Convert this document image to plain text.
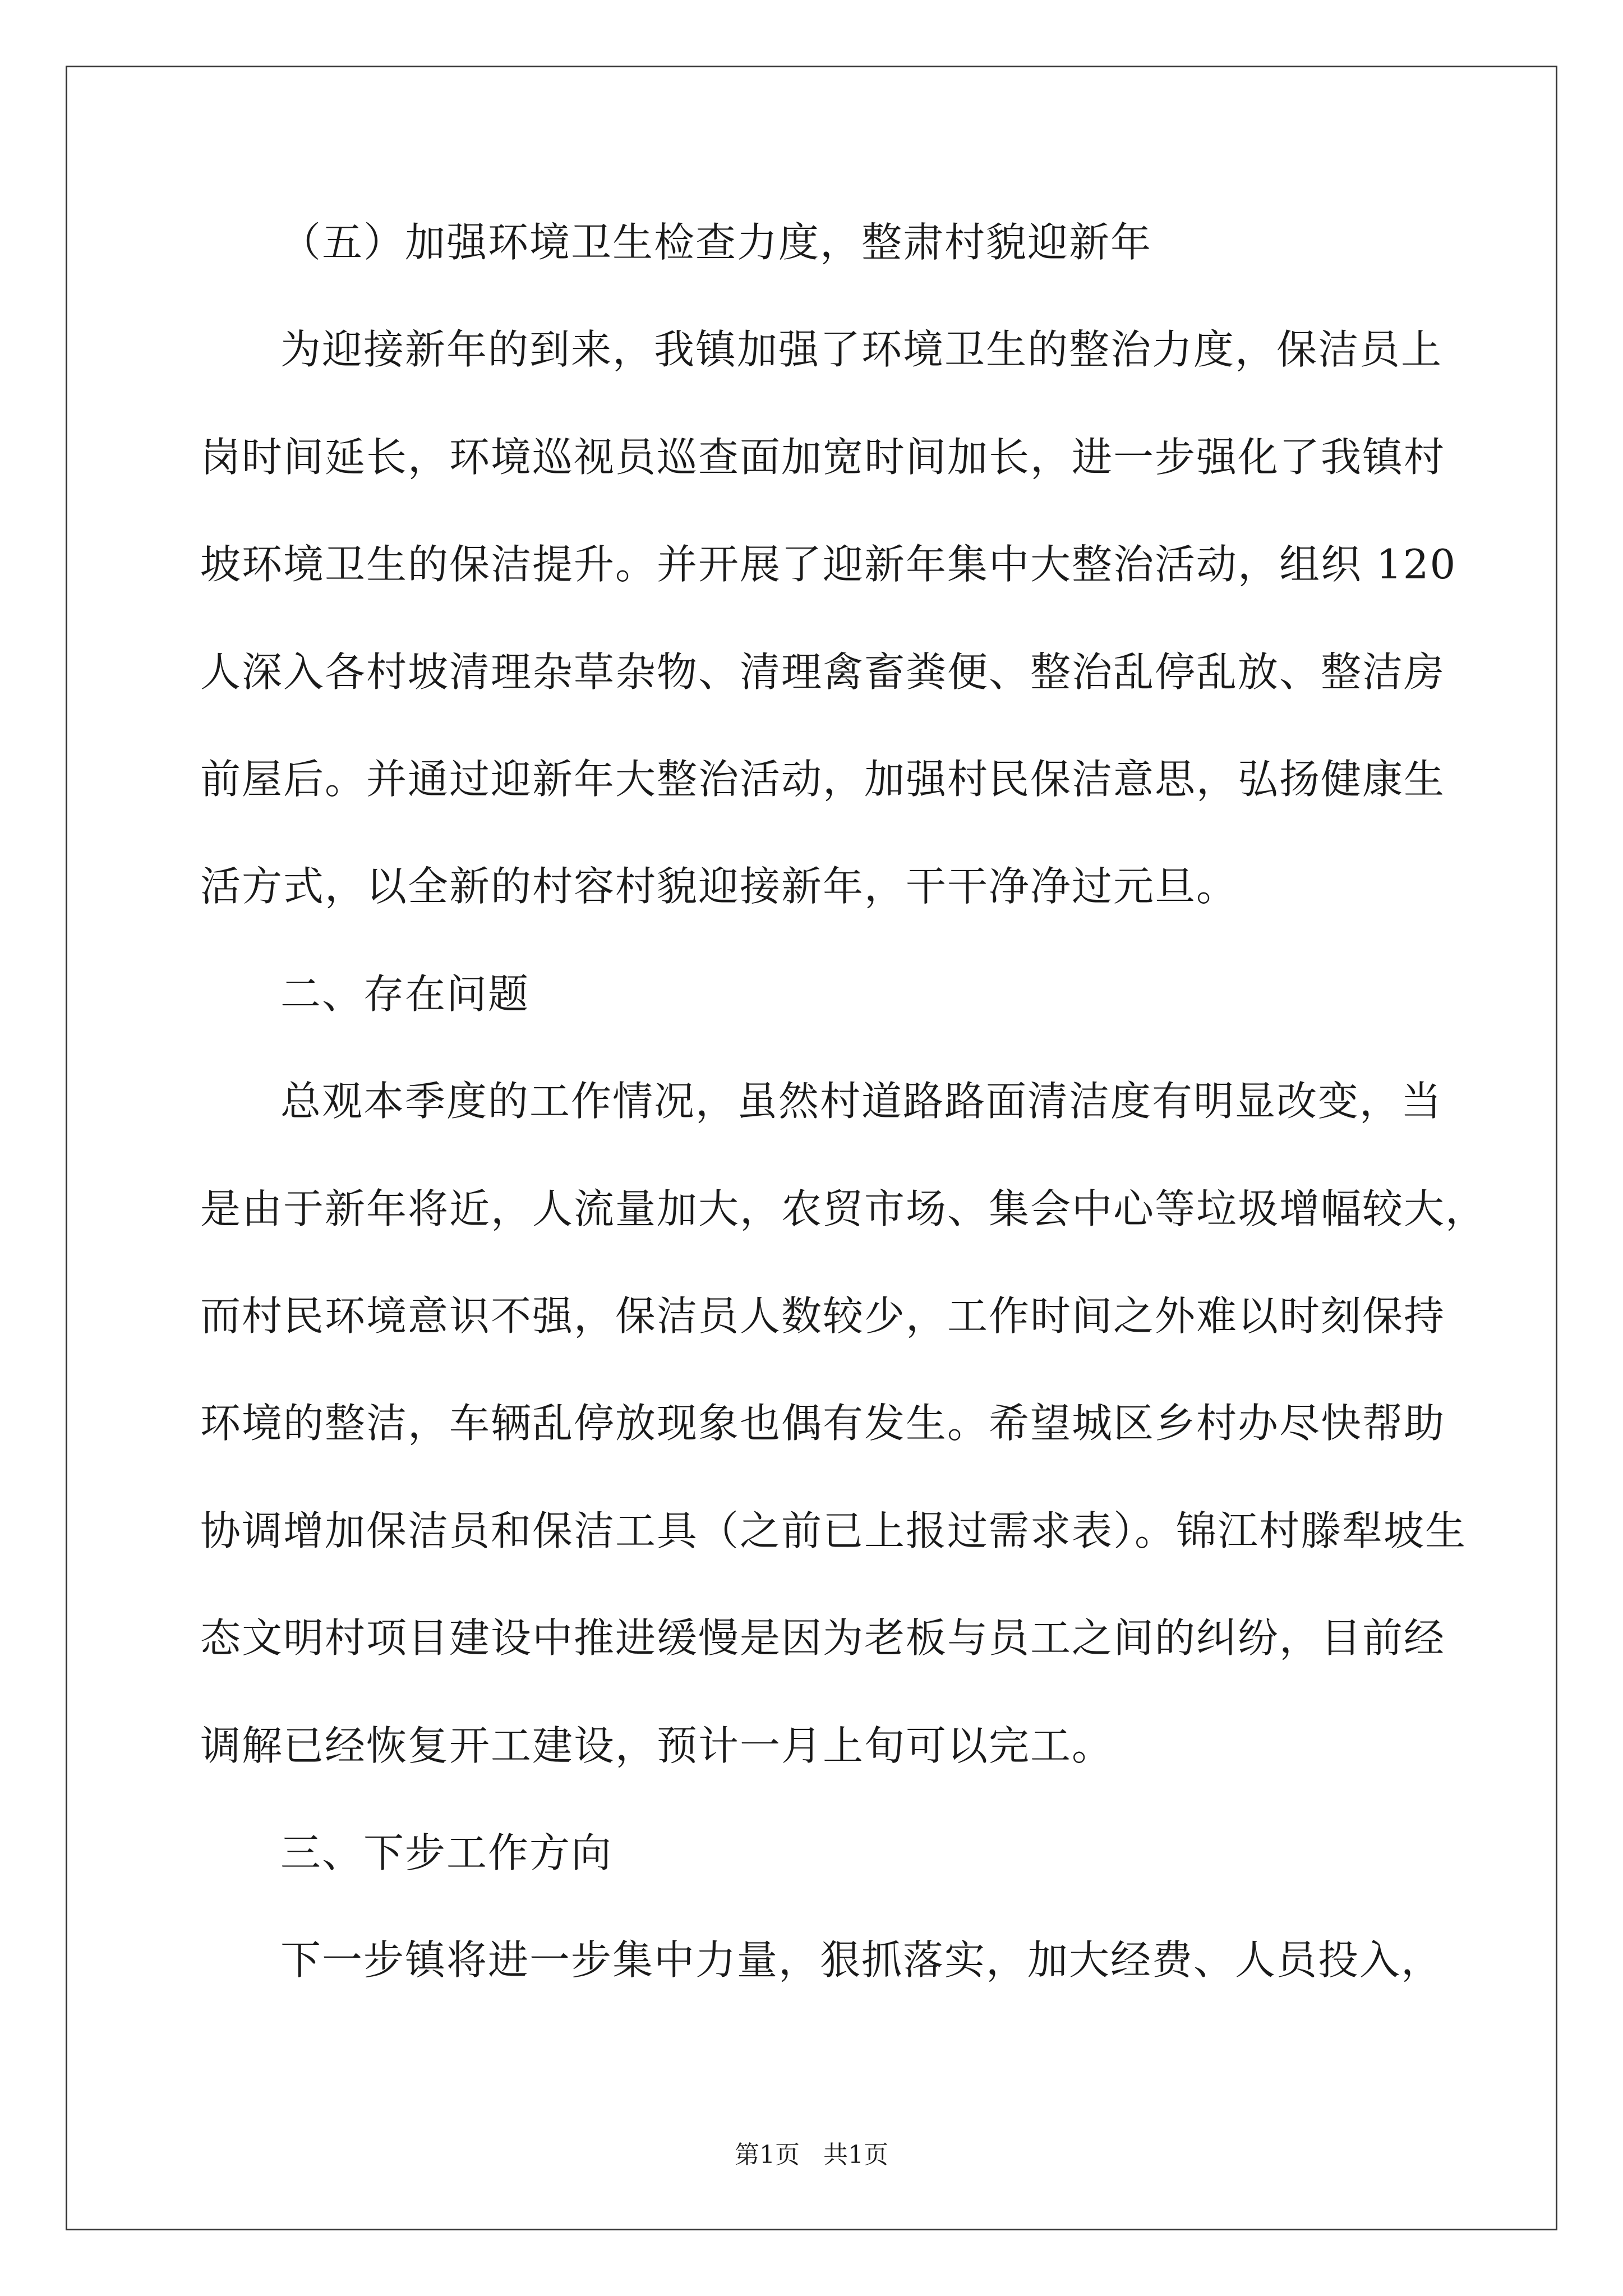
（五）加强环境卫生检查力度，整肃村貌迎新年
为迎接新年的到来，我镇加强了环境卫生的整治力度，保洁员上
岗时间延长，环境巡视员巡查面加宽时间加长，进一步强化了我镇村
坡环境卫生的保洁提升。并开展了迎新年集中大整治活动，组织 120
人深入各村坡清理杂草杂物、清理禽畜粪便、整治乱停乱放、整洁房
前屋后。并通过迎新年大整治活动，加强村民保洁意思，弘扬健康生
活方式，以全新的村容村貌迎接新年，干干净净过元旦。
二、存在问题
总观本季度的工作情况，虽然村道路路面清洁度有明显改变，当
是由于新年将近，人流量加大，农贸市场、集会中心等垃圾增幅较大，
而村民环境意识不强，保洁员人数较少，工作时间之外难以时刻保持
环境的整洁，车辆乱停放现象也偶有发生。希望城区乡村办尽快帮助
协调增加保洁员和保洁工具（之前已上报过需求表）。锦江村滕犁坡生
态文明村项目建设中推进缓慢是因为老板与员工之间的纠纷，目前经
调解已经恢复开工建设，预计一月上旬可以完工。
三、下步工作方向
下一步镇将进一步集中力量，狠抓落实，加大经费、人员投入，
第1页   共1页
